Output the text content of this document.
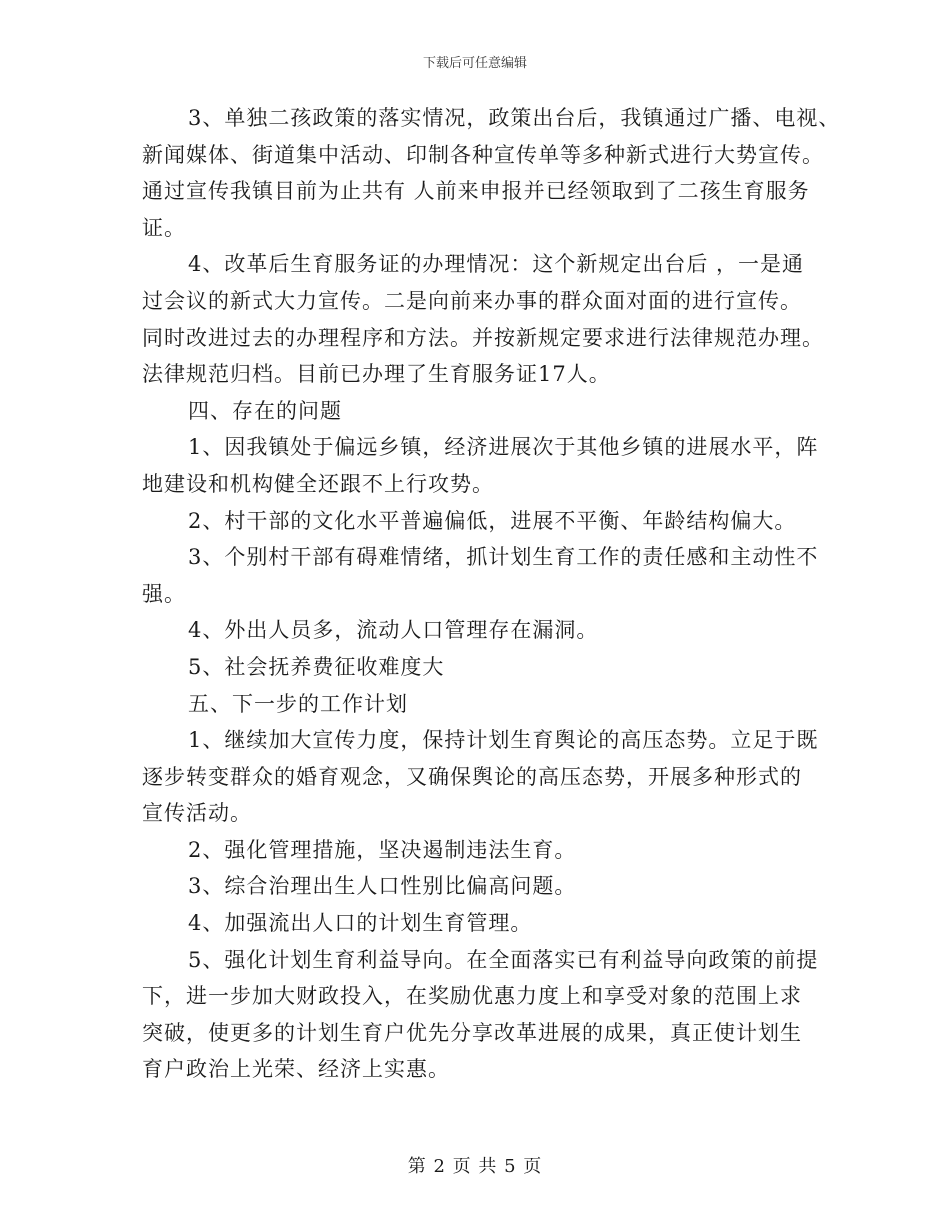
下载后可任意编辑
3、单独二孩政策的落实情况，政策出台后，我镇通过广播、电视、
新闻媒体、街道集中活动、印制各种宣传单等多种新式进行大势宣传。
通过宣传我镇目前为止共有 人前来申报并已经领取到了二孩生育服务
证。
4、改革后生育服务证的办理情况：这个新规定出台后 ，一是通
过会议的新式大力宣传。二是向前来办事的群众面对面的进行宣传。
同时改进过去的办理程序和方法。并按新规定要求进行法律规范办理。
法律规范归档。目前已办理了生育服务证17人。
四、存在的问题
1、因我镇处于偏远乡镇，经济进展次于其他乡镇的进展水平，阵
地建设和机构健全还跟不上行攻势。
2、村干部的文化水平普遍偏低，进展不平衡、年龄结构偏大。
3、个别村干部有碍难情绪，抓计划生育工作的责任感和主动性不
强。
4、外出人员多，流动人口管理存在漏洞。
5、社会抚养费征收难度大
五、下一步的工作计划
1、继续加大宣传力度，保持计划生育舆论的高压态势。立足于既
逐步转变群众的婚育观念，又确保舆论的高压态势，开展多种形式的
宣传活动。
2、强化管理措施，坚决遏制违法生育。
3、综合治理出生人口性别比偏高问题。
4、加强流出人口的计划生育管理。
5、强化计划生育利益导向。在全面落实已有利益导向政策的前提
下，进一步加大财政投入，在奖励优惠力度上和享受对象的范围上求
突破，使更多的计划生育户优先分享改革进展的成果，真正使计划生
育户政治上光荣、经济上实惠。
第 2 页 共 5 页
